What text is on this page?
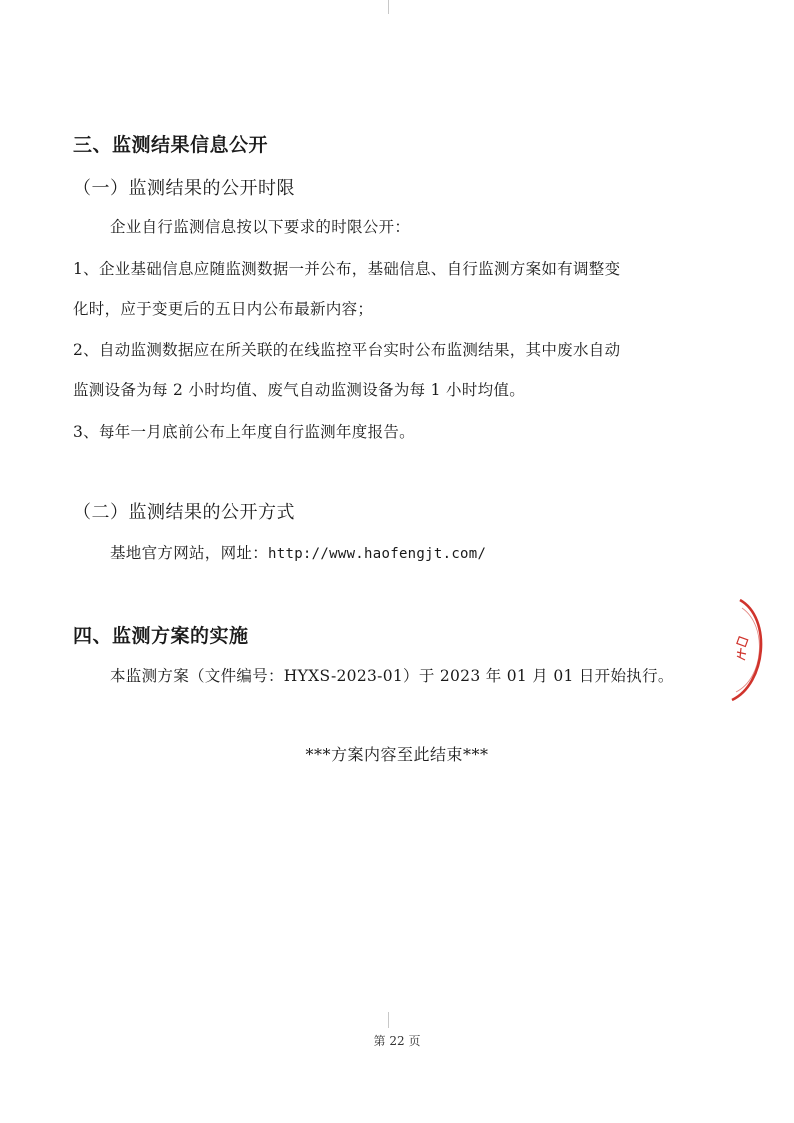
三、监测结果信息公开
（一）监测结果的公开时限
企业自行监测信息按以下要求的时限公开：
1、企业基础信息应随监测数据一并公布，基础信息、自行监测方案如有调整变
化时，应于变更后的五日内公布最新内容；
2、自动监测数据应在所关联的在线监控平台实时公布监测结果，其中废水自动
监测设备为每 2 小时均值、废气自动监测设备为每 1 小时均值。
3、每年一月底前公布上年度自行监测年度报告。
（二）监测结果的公开方式
基地官方网站，网址：http://www.haofengjt.com/
四、监测方案的实施
本监测方案（文件编号：HYXS-2023-01）于 2023 年 01 月 01 日开始执行。
***方案内容至此结束***
第 22 页
